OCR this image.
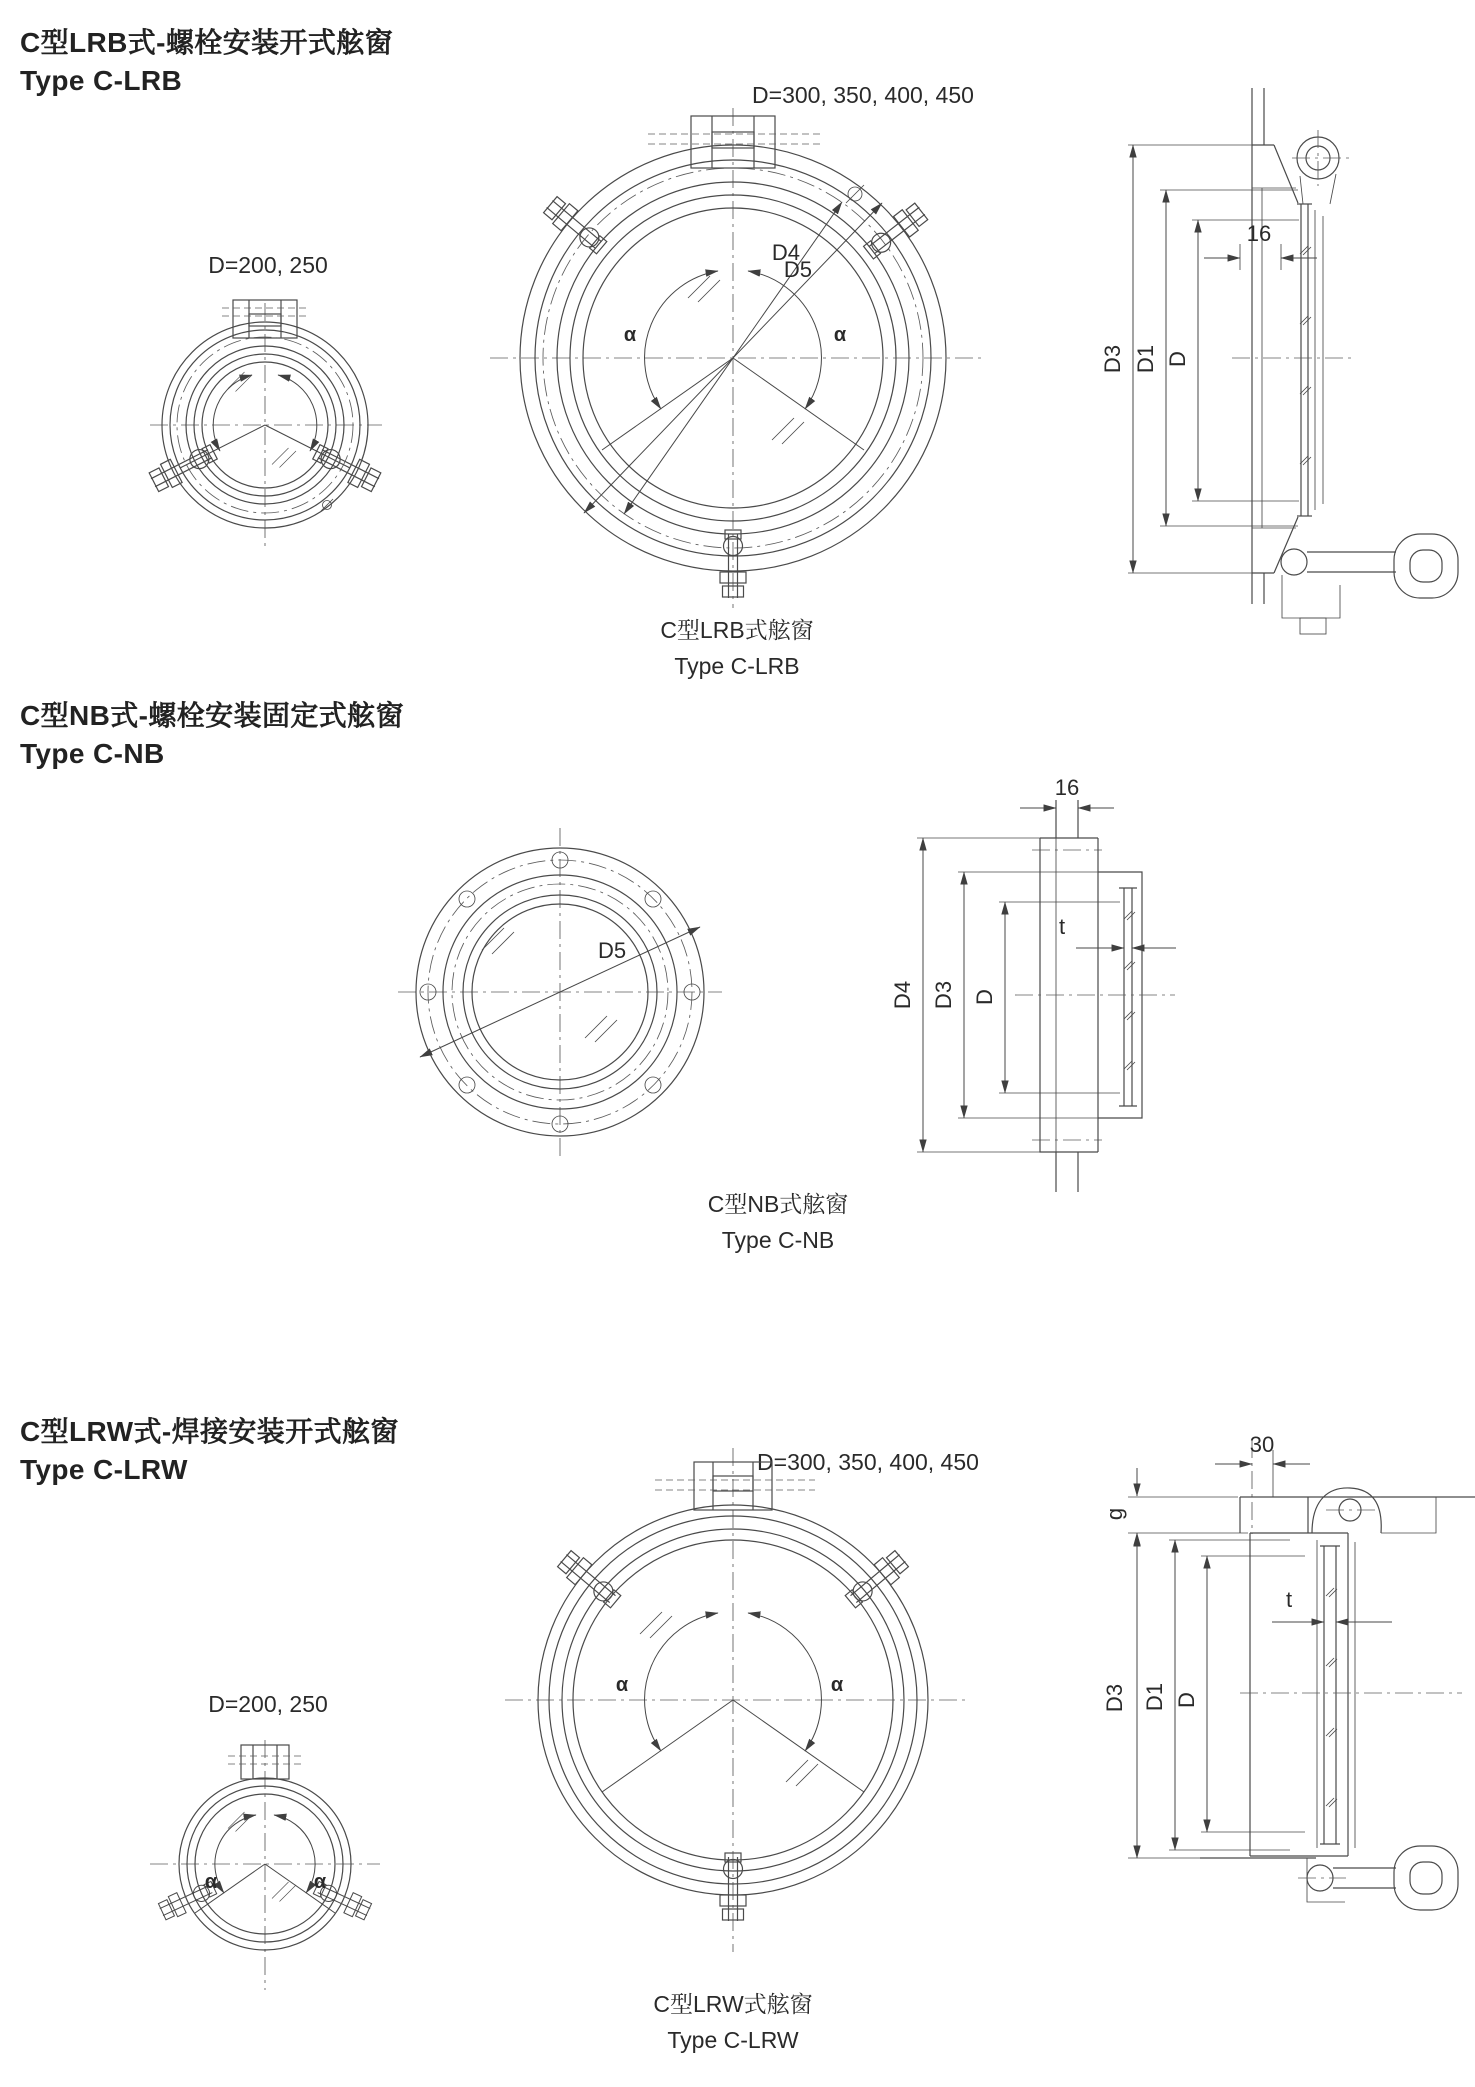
C型LRB式-螺栓安装开式舷窗
Type C-LRB
C型NB式-螺栓安装固定式舷窗
Type C-NB
C型LRW式-焊接安装开式舷窗
Type C-LRW
C型LRB式舷窗
Type C-LRB
C型NB式舷窗
Type C-NB
C型LRW式舷窗
Type C-LRW
D=200, 250
D=300, 350, 400, 450
D4
D5
α	α
D3 D1 D
16
D5
16
t
D4 D3 D
D=300, 350, 400, 450
α	α
D=200, 250
α	α
30
g
D3 D1 D
t
